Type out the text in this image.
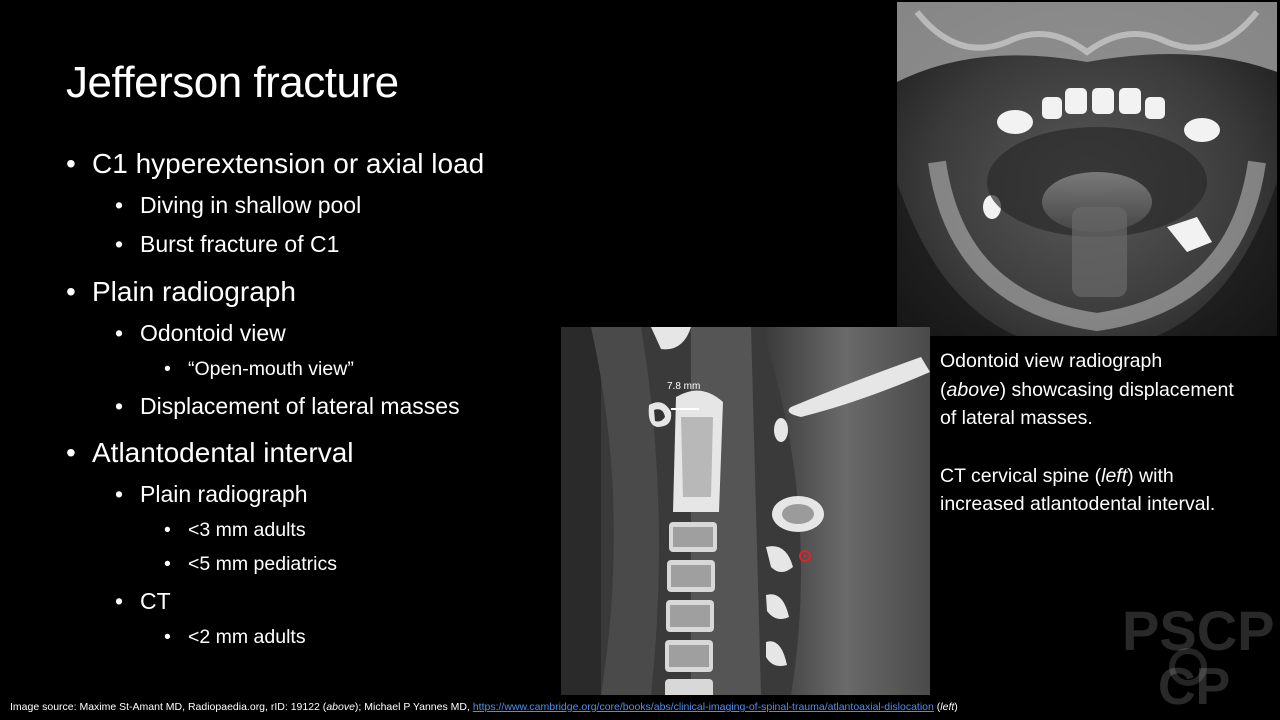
Jefferson fracture
• C1 hyperextension or axial load
• Diving in shallow pool
• Burst fracture of C1
• Plain radiograph
• Odontoid view
• “Open-mouth view”
• Displacement of lateral masses
• Atlantodental interval
• Plain radiograph
• <3 mm adults
• <5 mm pediatrics
• CT
• <2 mm adults
7.8 mm

Odontoid view radiograph

(above) showcasing displacement

of lateral masses.

CT cervical spine (left) with

increased atlantodental interval.

Image source: Maxime St-Amant MD, Radiopaedia.org, rID: 19122 (above); Michael P Yannes MD, https://www.cambridge.org/core/books/abs/clinical-imaging-of-spinal-trauma/atlantoaxial-dislocation (left)
PSCP
CP
